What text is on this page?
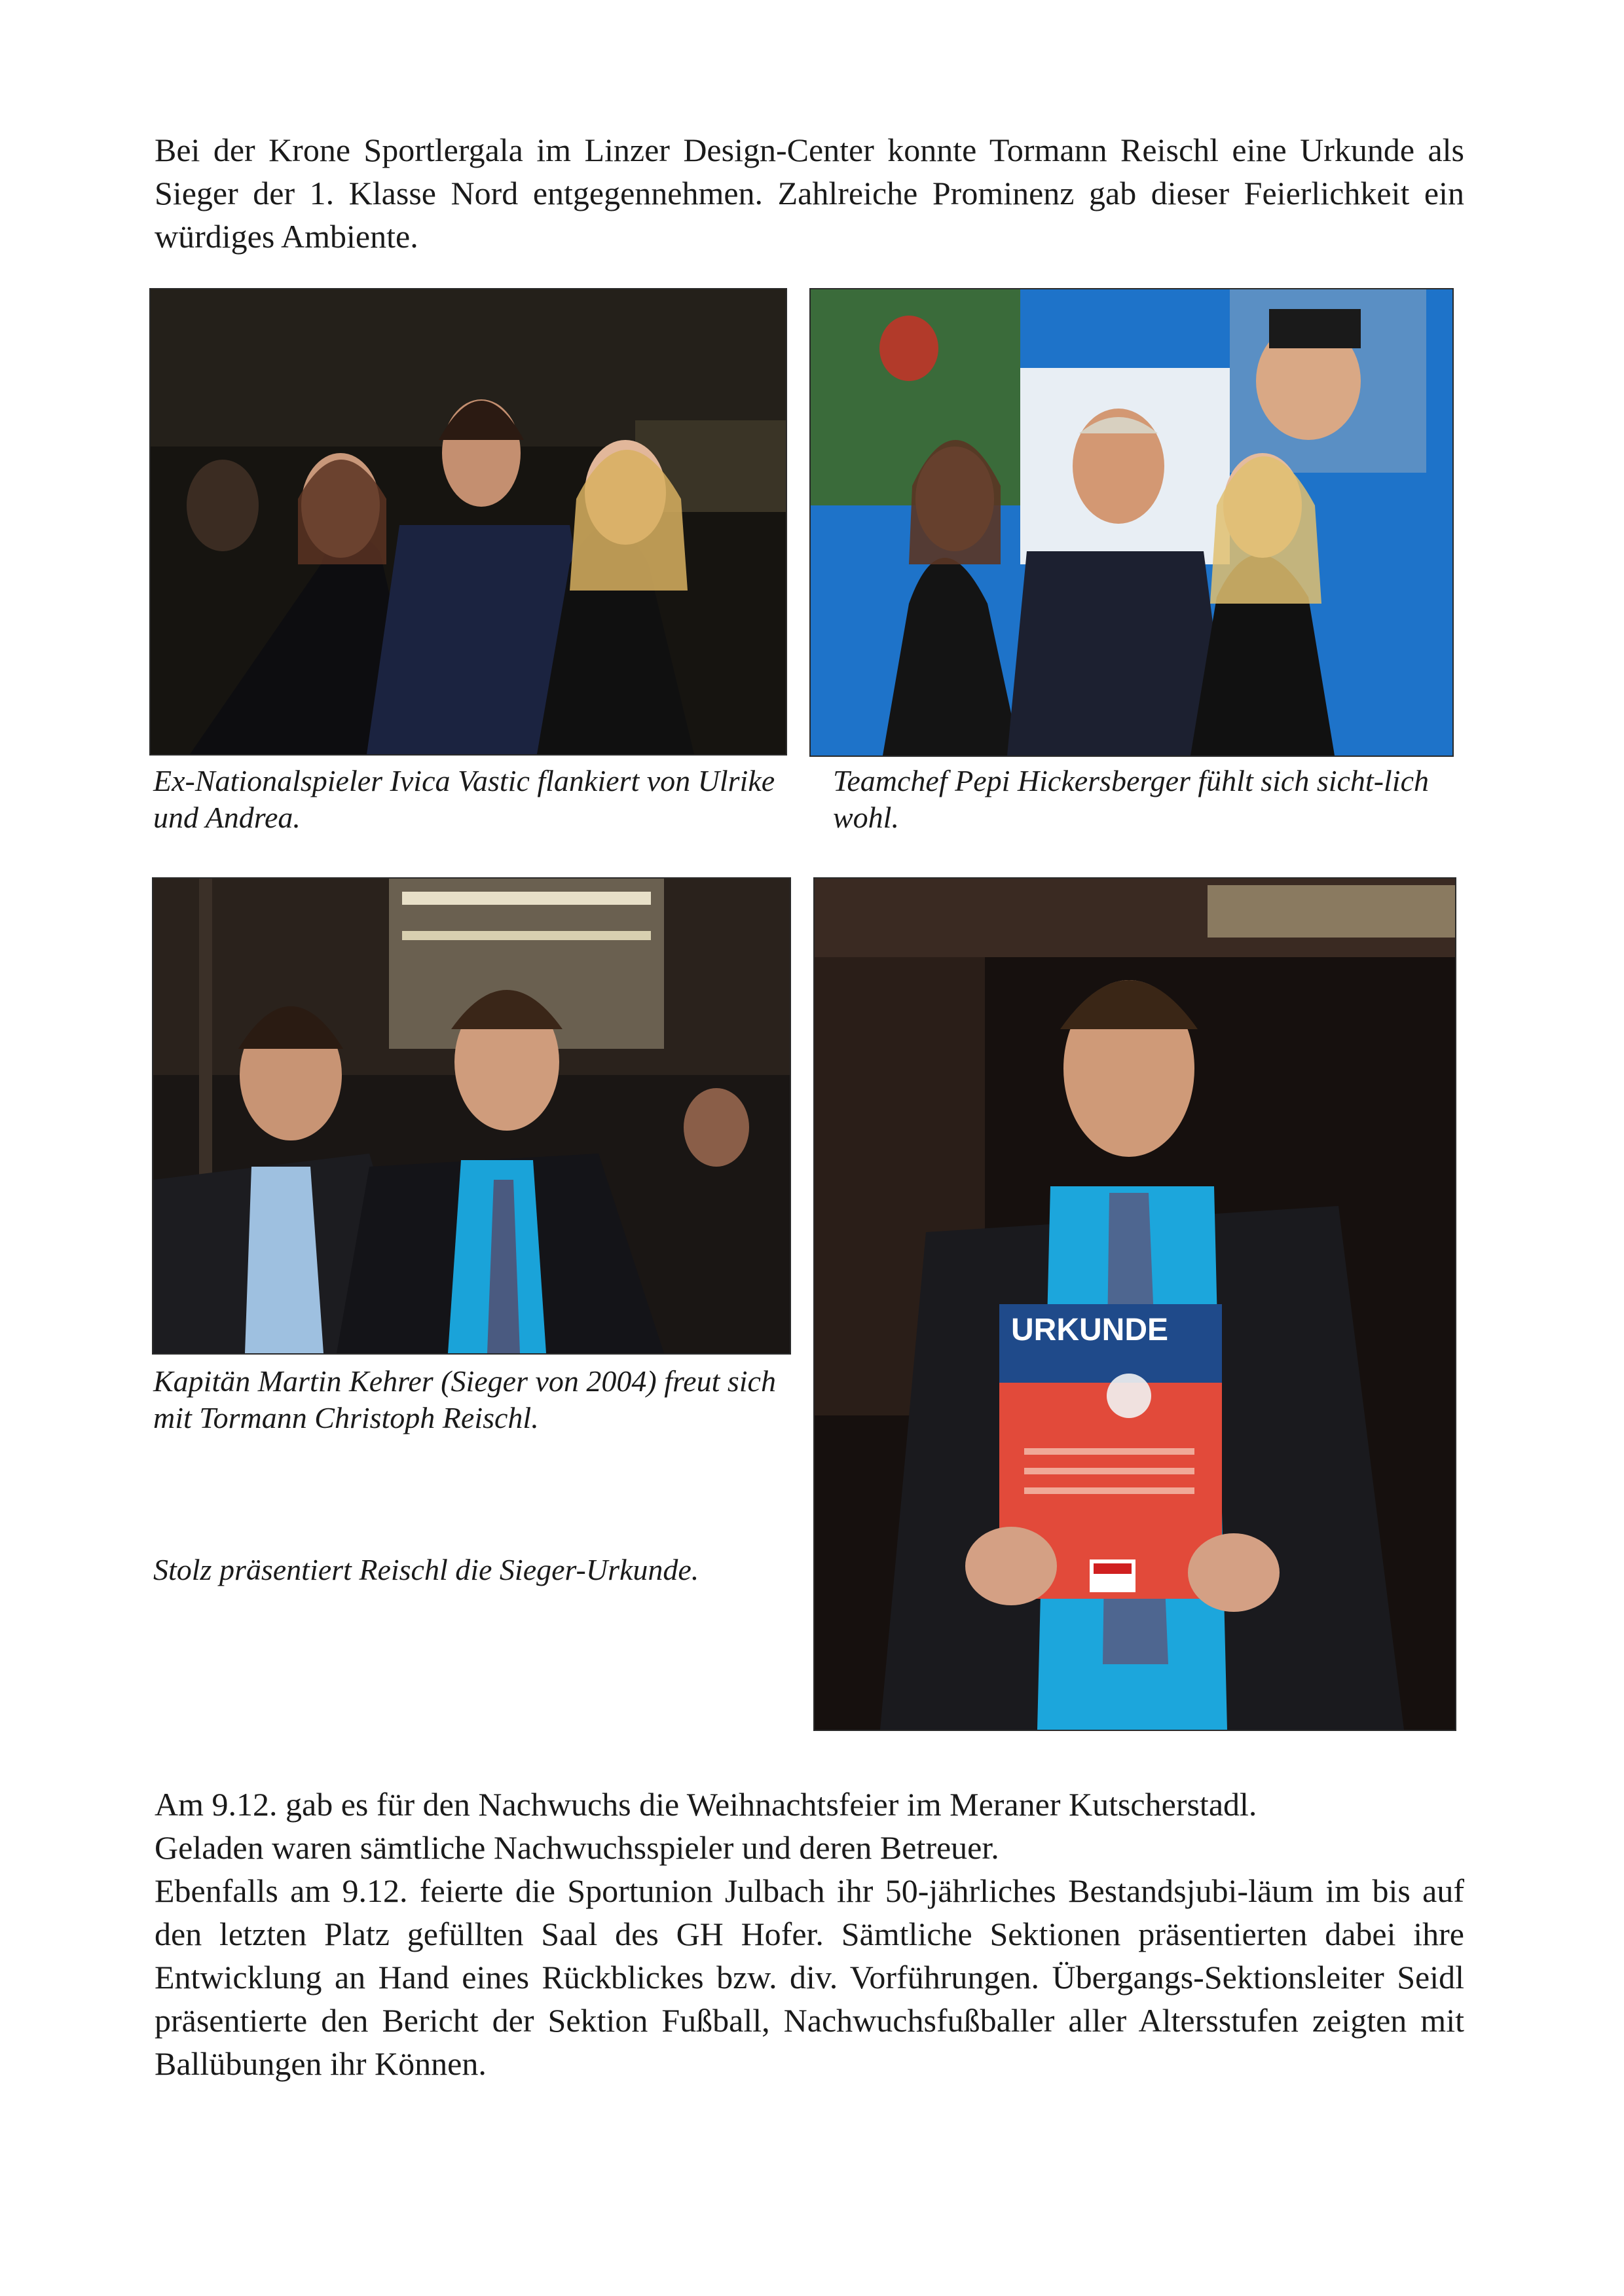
Bei der Krone Sportlergala im Linzer Design-Center konnte Tormann Reischl eine Urkunde als Sieger der 1. Klasse Nord entgegennehmen. Zahlreiche Prominenz gab dieser Feierlichkeit ein würdiges Ambiente.

Ex-Nationalspieler Ivica Vastic flankiert von Ulrike und Andrea.

Teamchef Pepi Hickersberger fühlt sich sicht-lich wohl.

Kapitän Martin Kehrer (Sieger von 2004) freut sich mit Tormann Christoph Reischl.

Stolz präsentiert Reischl die Sieger-Urkunde.

URKUNDE

Am 9.12. gab es für den Nachwuchs die Weihnachtsfeier im Meraner Kutscherstadl.

Geladen waren sämtliche Nachwuchsspieler und deren Betreuer.

Ebenfalls am 9.12. feierte die Sportunion Julbach ihr 50-jährliches Bestandsjubi-läum im bis auf den letzten Platz gefüllten Saal des GH Hofer. Sämtliche Sektionen präsentierten dabei ihre Entwicklung an Hand eines Rückblickes bzw. div. Vorführungen. Übergangs-Sektionsleiter Seidl präsentierte den Bericht der Sektion Fußball, Nachwuchsfußballer aller Altersstufen zeigten mit Ballübungen ihr Können.
